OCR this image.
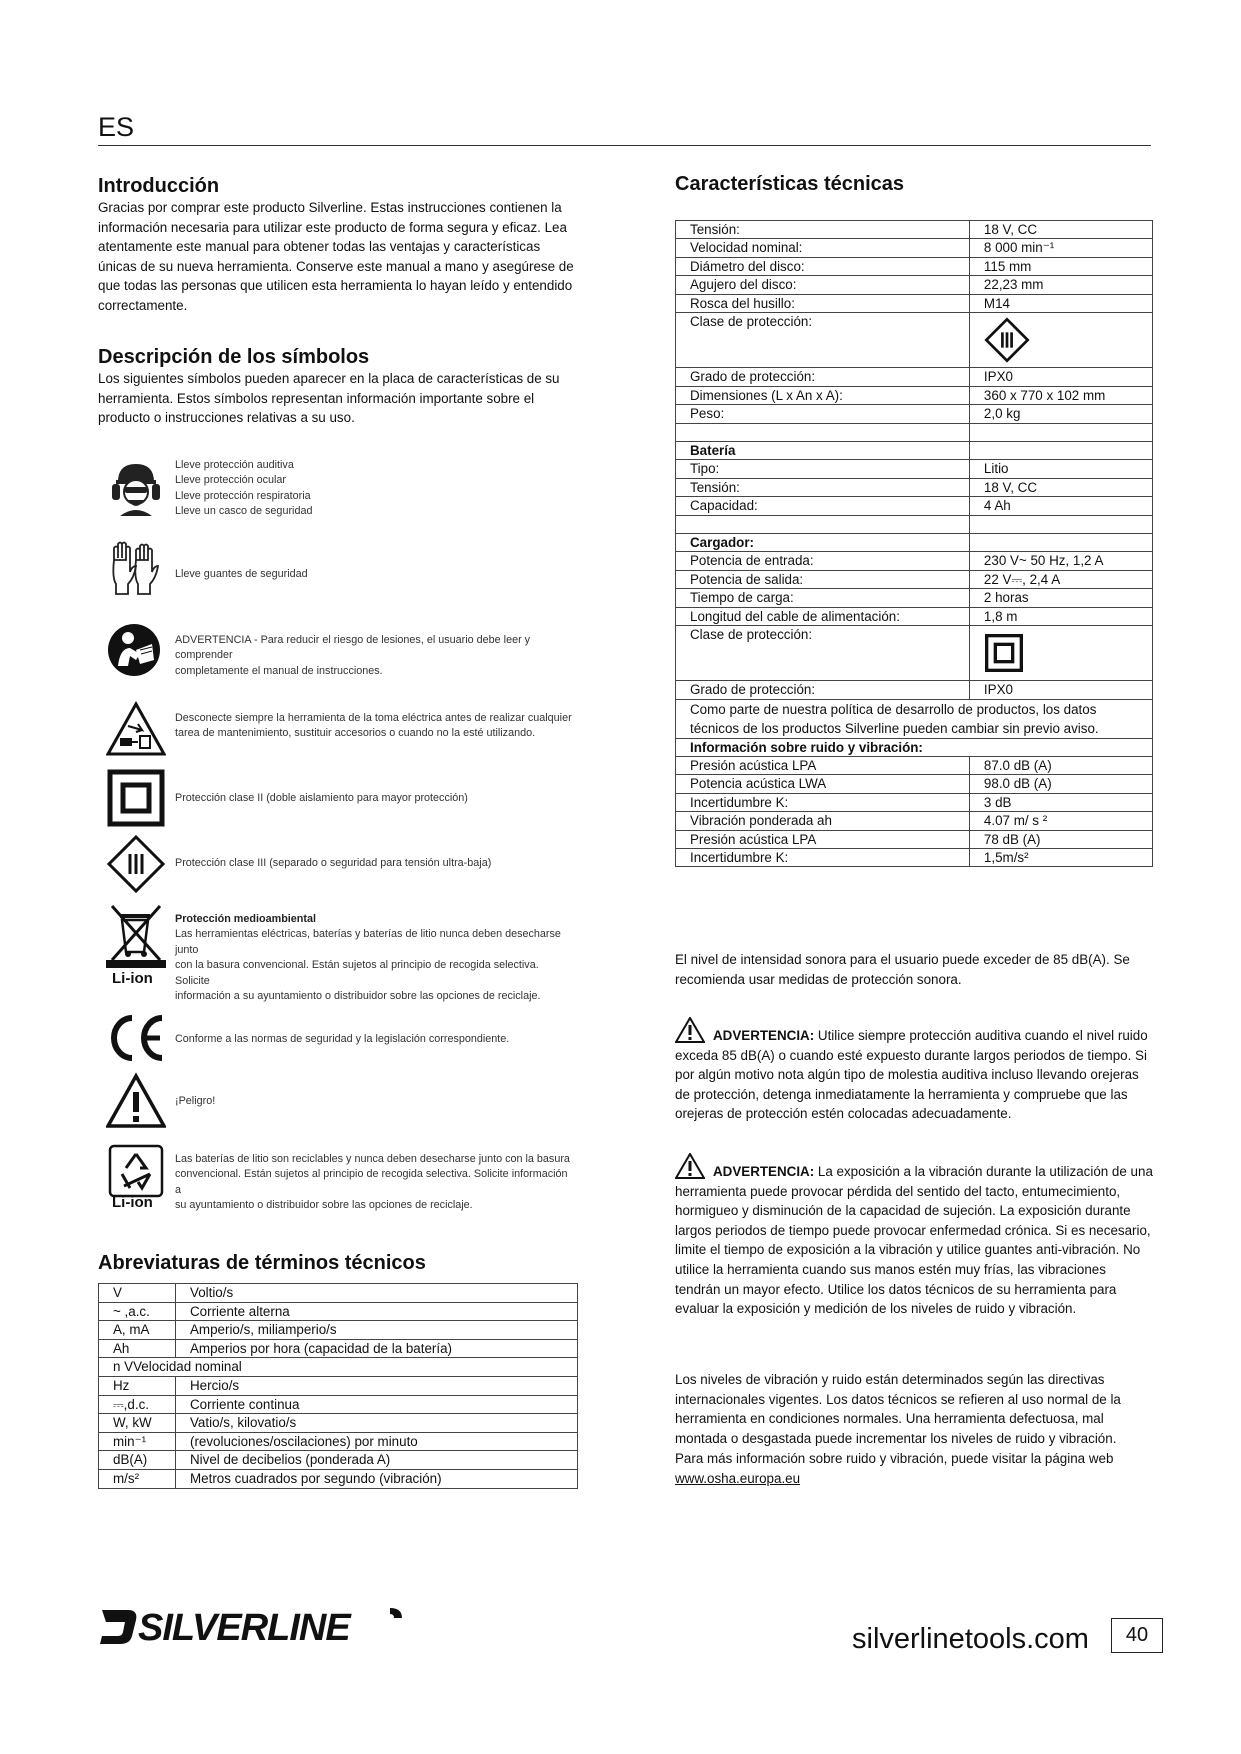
ES
Introducción

Gracias por comprar este producto Silverline. Estas instrucciones contienen la información necesaria para utilizar este producto de forma segura y eficaz. Lea atentamente este manual para obtener todas las ventajas y características únicas de su nueva herramienta. Conserve este manual a mano y asegúrese de que todas las personas que utilicen esta herramienta lo hayan leído y entendido correctamente.

Descripción de los símbolos

Los siguientes símbolos pueden aparecer en la placa de características de su herramienta. Estos símbolos representan información importante sobre el producto o instrucciones relativas a su uso.

Lleve protección auditiva
Lleve protección ocular
Lleve protección respiratoria
Lleve un casco de seguridad
Lleve guantes de seguridad
ADVERTENCIA - Para reducir el riesgo de lesiones, el usuario debe leer y comprender
completamente el manual de instrucciones.
Desconecte siempre la herramienta de la toma eléctrica antes de realizar cualquier
tarea de mantenimiento, sustituir accesorios o cuando no la esté utilizando.
Protección clase II (doble aislamiento para mayor protección)
Protección clase III (separado o seguridad para tensión ultra-baja)
Li-ion
Protección medioambiental
Las herramientas eléctricas, baterías y baterías de litio nunca deben desecharse junto
con la basura convencional. Están sujetos al principio de recogida selectiva. Solicite
información a su ayuntamiento o distribuidor sobre las opciones de reciclaje.
Conforme a las normas de seguridad y la legislación correspondiente.
¡Peligro!
Li-ion
Las baterías de litio son reciclables y nunca deben desecharse junto con la basura
convencional. Están sujetos al principio de recogida selectiva. Solicite información a
su ayuntamiento o distribuidor sobre las opciones de reciclaje.
Abreviaturas de términos técnicos
V	Voltio/s
~ ,a.c.	Corriente alterna
A, mA	Amperio/s, miliamperio/s
Ah	Amperios por hora (capacidad de la batería)
n VVelocidad nominal	
Hz	Hercio/s
⎓,d.c.	Corriente continua
W, kW	Vatio/s, kilovatio/s
min⁻¹	(revoluciones/oscilaciones) por minuto
dB(A)	Nivel de decibelios (ponderada A)
m/s²	Metros cuadrados por segundo (vibración)
Características técnicas
Tensión:	18 V, CC
Velocidad nominal:	8 000 min⁻¹
Diámetro del disco:	115 mm
Agujero del disco:	22,23 mm
Rosca del husillo:	M14
Clase de protección:	
Grado de protección:	IPX0
Dimensiones (L x An x A):	360 x 770 x 102 mm
Peso:	2,0 kg

Batería	
Tipo:	Litio
Tensión:	18 V, CC
Capacidad:	4 Ah

Cargador:	
Potencia de entrada:	230 V~ 50 Hz, 1,2 A
Potencia de salida:	22 V⎓, 2,4 A
Tiempo de carga:	2 horas
Longitud del cable de alimentación:	1,8 m
Clase de protección:	
Grado de protección:	IPX0
Como parte de nuestra política de desarrollo de productos, los datos técnicos de los productos Silverline pueden cambiar sin previo aviso.	
Información sobre ruido y vibración:	
Presión acústica LPA	87.0 dB (A)
Potencia acústica LWA	98.0 dB (A)
Incertidumbre K:	3 dB
Vibración ponderada ah	4.07 m/ s ²
Presión acústica LPA	78 dB (A)
Incertidumbre K:	1,5m/s²

El nivel de intensidad sonora para el usuario puede exceder de 85 dB(A). Se recomienda usar medidas de protección sonora.

ADVERTENCIA: Utilice siempre protección auditiva cuando el nivel ruido exceda 85 dB(A) o cuando esté expuesto durante largos periodos de tiempo. Si por algún motivo nota algún tipo de molestia auditiva incluso llevando orejeras de protección, detenga inmediatamente la herramienta y compruebe que las orejeras de protección estén colocadas adecuadamente.

ADVERTENCIA: La exposición a la vibración durante la utilización de una herramienta puede provocar pérdida del sentido del tacto, entumecimiento, hormigueo y disminución de la capacidad de sujeción. La exposición durante largos periodos de tiempo puede provocar enfermedad crónica. Si es necesario, limite el tiempo de exposición a la vibración y utilice guantes anti-vibración. No utilice la herramienta cuando sus manos estén muy frías, las vibraciones tendrán un mayor efecto. Utilice los datos técnicos de su herramienta para evaluar la exposición y medición de los niveles de ruido y vibración.

Los niveles de vibración y ruido están determinados según las directivas internacionales vigentes. Los datos técnicos se refieren al uso normal de la herramienta en condiciones normales. Una herramienta defectuosa, mal montada o desgastada puede incrementar los niveles de ruido y vibración.

Para más información sobre ruido y vibración, puede visitar la página web www.osha.europa.eu

SILVERLINE	silverlinetools.com	40
